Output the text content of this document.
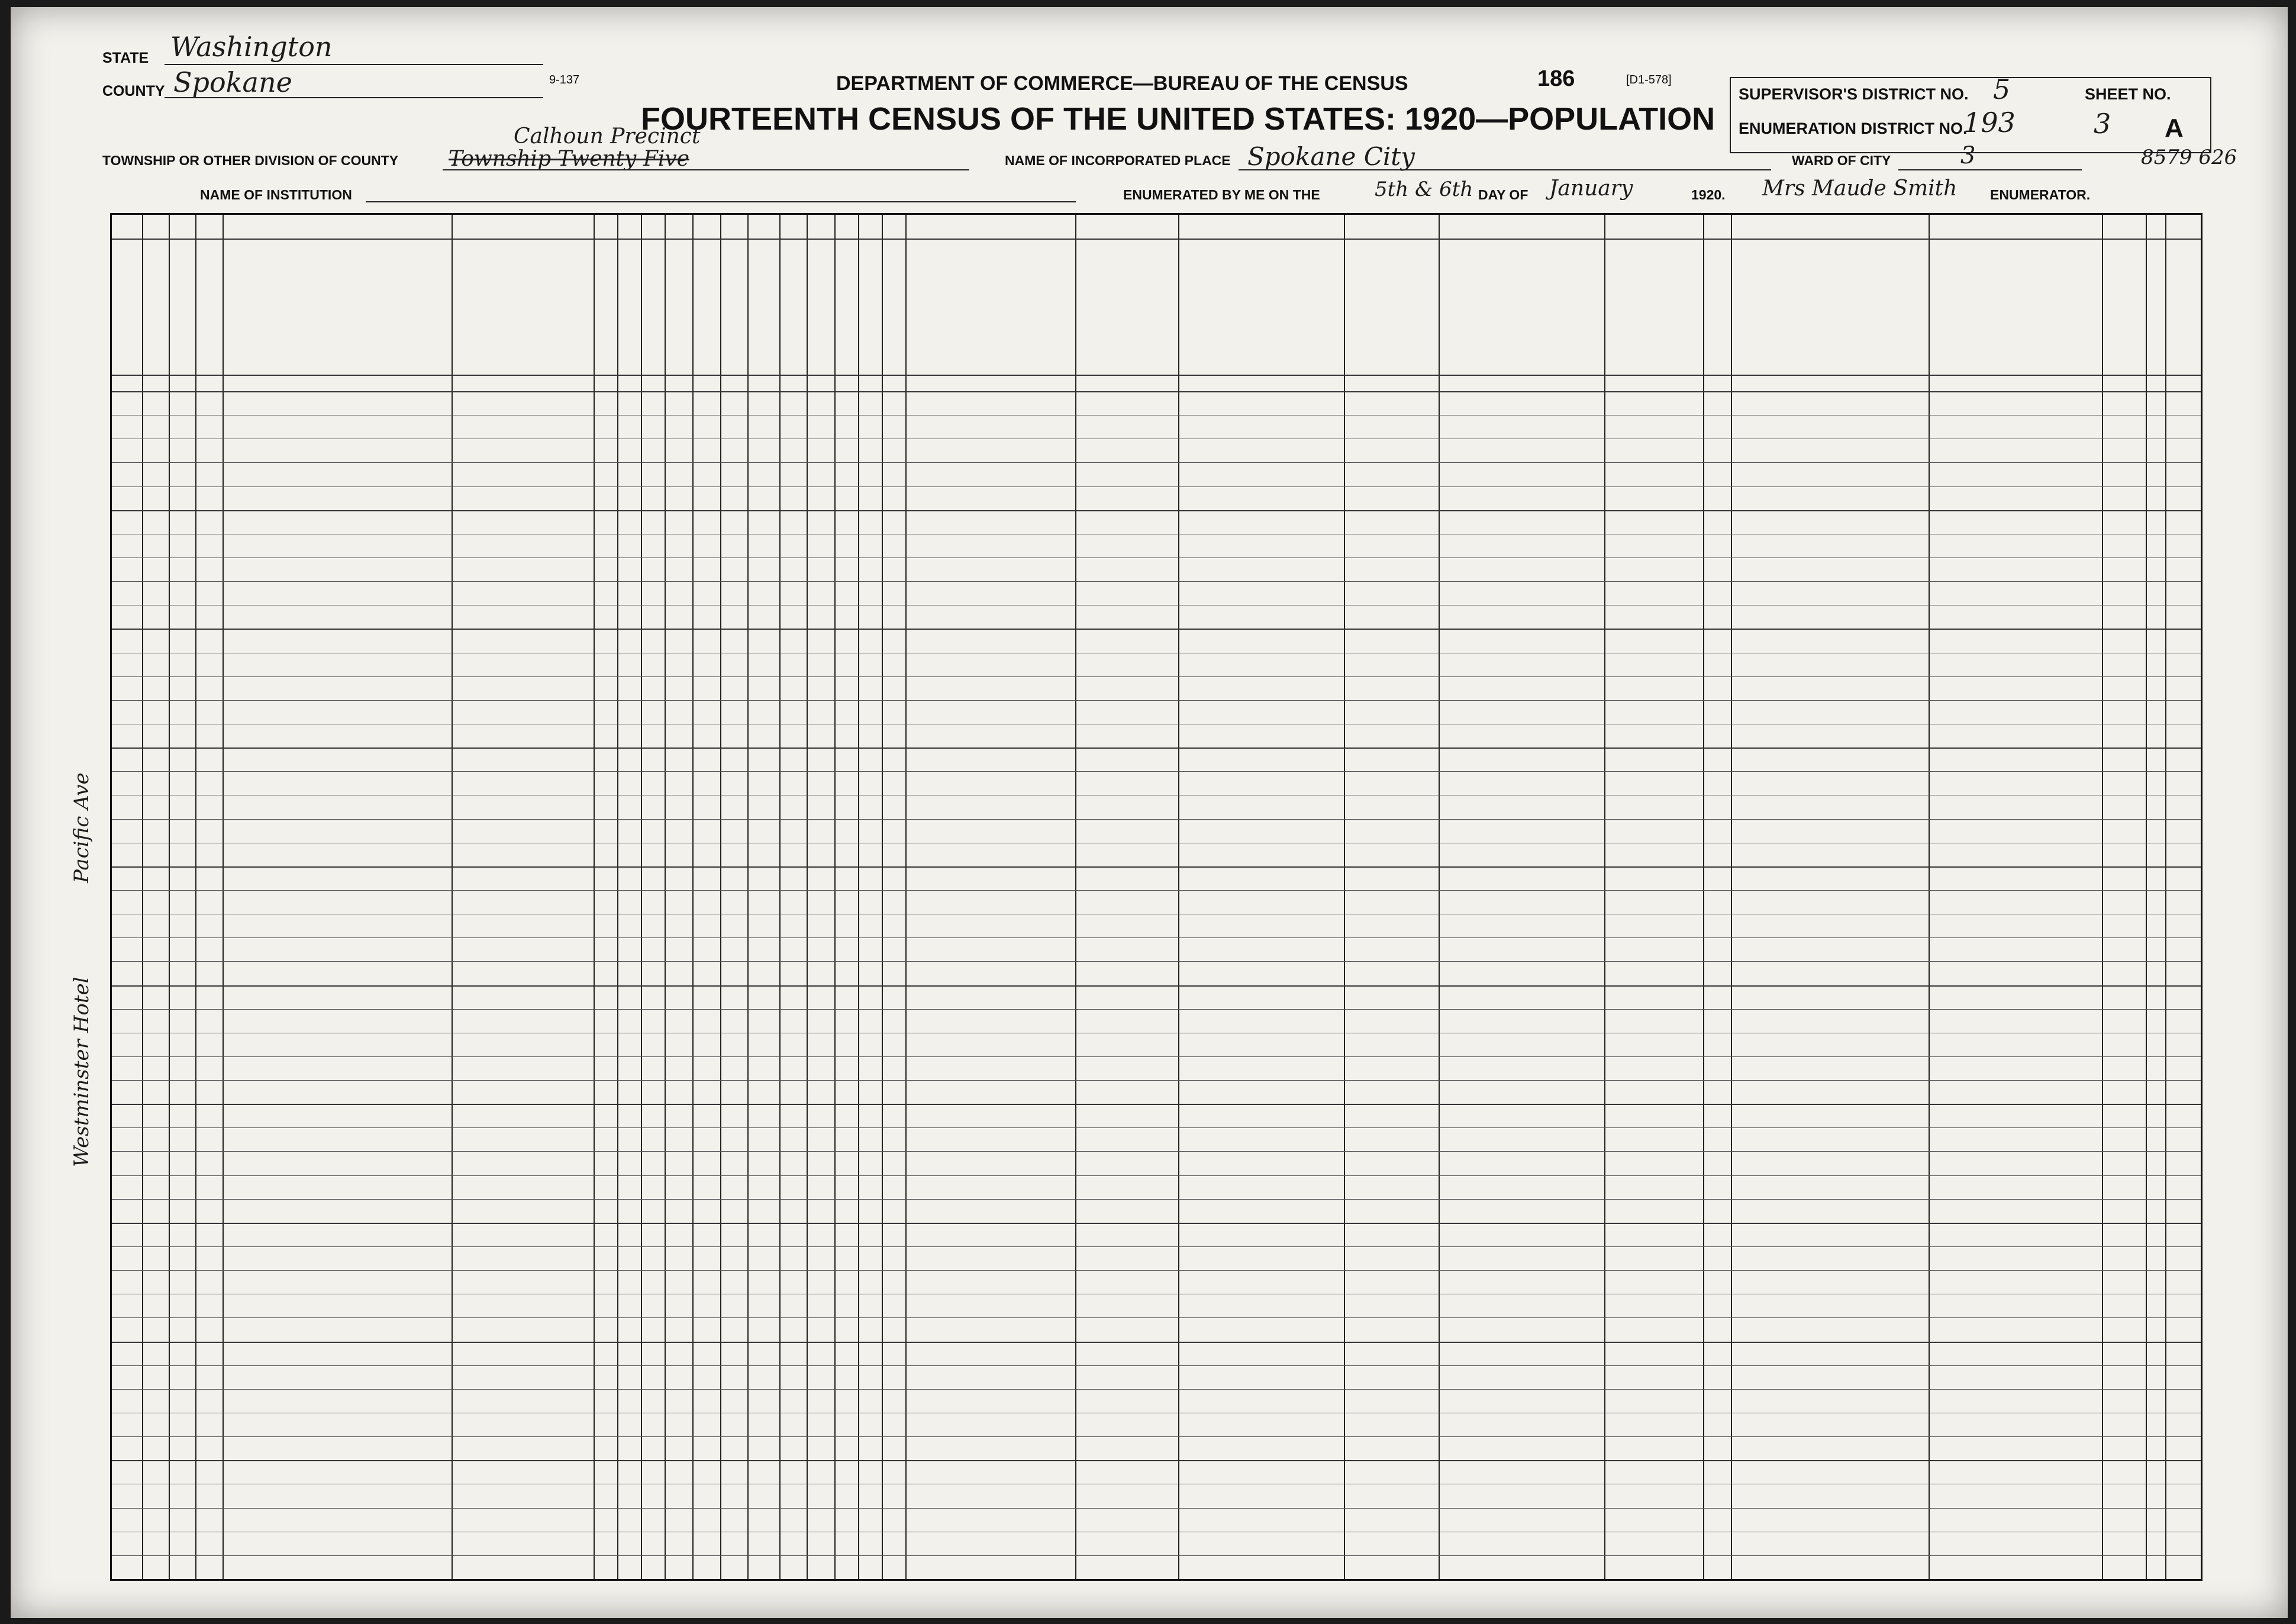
STATE Washington
COUNTY Spokane	9-137	DEPARTMENT OF COMMERCE—BUREAU OF THE CENSUS	186	[D1-578]
FOURTEENTH CENSUS OF THE UNITED STATES: 1920—POPULATION
SUPERVISOR'S DISTRICT NO. 5	SHEET NO.
ENUMERATION DISTRICT NO.
193	3 A
TOWNSHIP OR OTHER DIVISION OF COUNTY
Calhoun Precinct
Township Twenty Five	NAME OF INCORPORATED PLACE Spokane City	WARD OF CITY	3
NAME OF INSTITUTION	ENUMERATED BY ME ON THE	5th & 6th DAY OF January	1920. Mrs Maude Smith ENUMERATOR.
8579 626
Pacific Ave
Westminster Hotel
